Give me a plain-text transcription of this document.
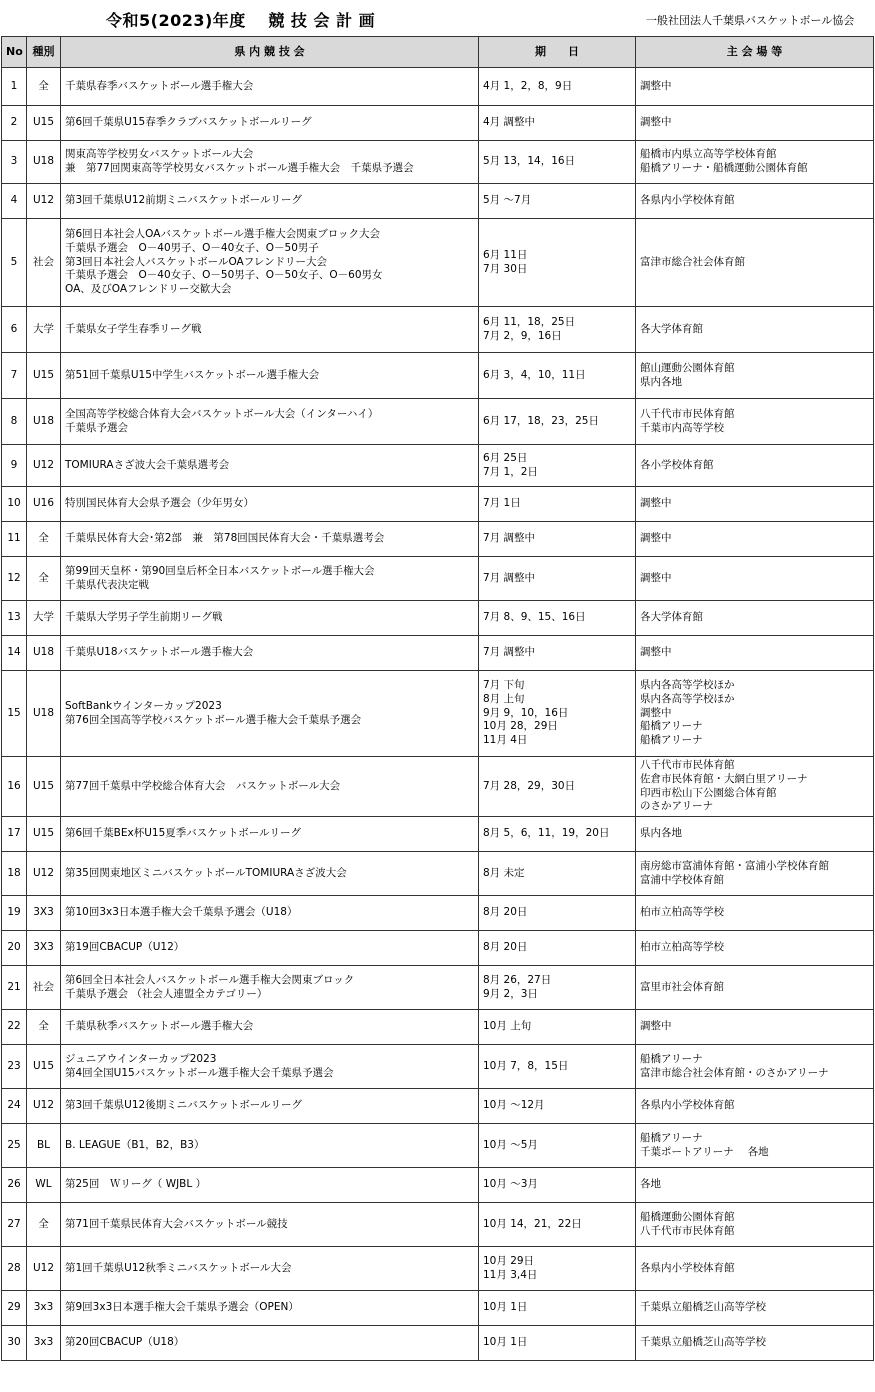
令和5(2023)年度　 競 技 会 計 画	一般社団法人千葉県バスケットボール協会
No	種別	県 内 競 技 会	期　　日	主 会 場 等
1	全	千葉県春季バスケットボール選手権大会	4月 1，2，8，9日	調整中

2	U15	第6回千葉県U15春季クラブバスケットボールリーグ	4月 調整中	調整中

3	U18	関東高等学校男女バスケットボール大会
兼　第77回関東高等学校男女バスケットボール選手権大会　千葉県予選会	5月 13，14，16日	船橋市内県立高等学校体育館
船橋アリーナ・船橋運動公園体育館

4	U12	第3回千葉県U12前期ミニバスケットボールリーグ	5月 ～7月	各県内小学校体育館

5	社会	第6回日本社会人OAバスケットボール選手権大会関東ブロック大会
千葉県予選会　O－40男子、O－40女子、O－50男子
第3回日本社会人バスケットボールOAフレンドリー大会
千葉県予選会　O－40女子、O－50男子、O－50女子、O－60男女
OA、及びOAフレンドリー交歓大会	6月 11日
7月 30日	富津市総合社会体育館

6	大学	千葉県女子学生春季リーグ戦	6月 11，18，25日
7月 2，9，16日	各大学体育館

7	U15	第51回千葉県U15中学生バスケットボール選手権大会	6月 3，4，10，11日	館山運動公園体育館
県内各地

8	U18	全国高等学校総合体育大会バスケットボール大会（インターハイ）
千葉県予選会	6月 17，18，23，25日	八千代市市民体育館
千葉市内高等学校

9	U12	TOMIURAさざ波大会千葉県選考会	6月 25日
7月 1，2日	各小学校体育館

10	U16	特別国民体育大会県予選会（少年男女）	7月 1日	調整中

11	全	千葉県民体育大会･第2部　兼　第78回国民体育大会・千葉県選考会	7月 調整中	調整中

12	全	第99回天皇杯・第90回皇后杯全日本バスケットボール選手権大会
千葉県代表決定戦	7月 調整中	調整中

13	大学	千葉県大学男子学生前期リーグ戦	7月 8、9、15、16日	各大学体育館

14	U18	千葉県U18バスケットボール選手権大会	7月 調整中	調整中

15	U18	SoftBankウインターカップ2023
第76回全国高等学校バスケットボール選手権大会千葉県予選会	7月 下旬
8月 上旬
9月 9，10，16日
10月 28，29日
11月 4日	県内各高等学校ほか
県内各高等学校ほか
調整中
船橋アリーナ
船橋アリーナ

16	U15	第77回千葉県中学校総合体育大会　バスケットボール大会	7月 28，29，30日	八千代市市民体育館
佐倉市民体育館・大網白里アリーナ
印西市松山下公園総合体育館
のさかアリーナ

17	U15	第6回千葉BEx杯U15夏季バスケットボールリーグ	8月 5，6，11，19，20日	県内各地

18	U12	第35回関東地区ミニバスケットボールTOMIURAさざ波大会	8月 未定	南房総市富浦体育館・富浦小学校体育館
富浦中学校体育館

19	3X3	第10回3x3日本選手権大会千葉県予選会（U18）	8月 20日	柏市立柏高等学校

20	3X3	第19回CBACUP（U12）	8月 20日	柏市立柏高等学校

21	社会	第6回全日本社会人バスケットボール選手権大会関東ブロック
千葉県予選会 （社会人連盟全カテゴリー）	8月 26，27日
9月 2，3日	富里市社会体育館

22	全	千葉県秋季バスケットボール選手権大会	10月 上旬	調整中

23	U15	ジュニアウインターカップ2023
第4回全国U15バスケットボール選手権大会千葉県予選会	10月 7，8，15日	船橋アリーナ
富津市総合社会体育館・のさかアリーナ

24	U12	第3回千葉県U12後期ミニバスケットボールリーグ	10月 ～12月	各県内小学校体育館

25	BL	B. LEAGUE（B1，B2，B3）	10月 ～5月	船橋アリーナ
千葉ポートアリーナ　 各地

26	WL	第25回　Ｗリーグ（ WJBL ）	10月 ～3月	各地

27	全	第71回千葉県民体育大会バスケットボール競技	10月 14，21，22日	船橋運動公園体育館
八千代市市民体育館

28	U12	第1回千葉県U12秋季ミニバスケットボール大会	10月 29日
11月 3,4日	各県内小学校体育館

29	3x3	第9回3x3日本選手権大会千葉県予選会（OPEN）	10月 1日	千葉県立船橋芝山高等学校

30	3x3	第20回CBACUP（U18）	10月 1日	千葉県立船橋芝山高等学校
